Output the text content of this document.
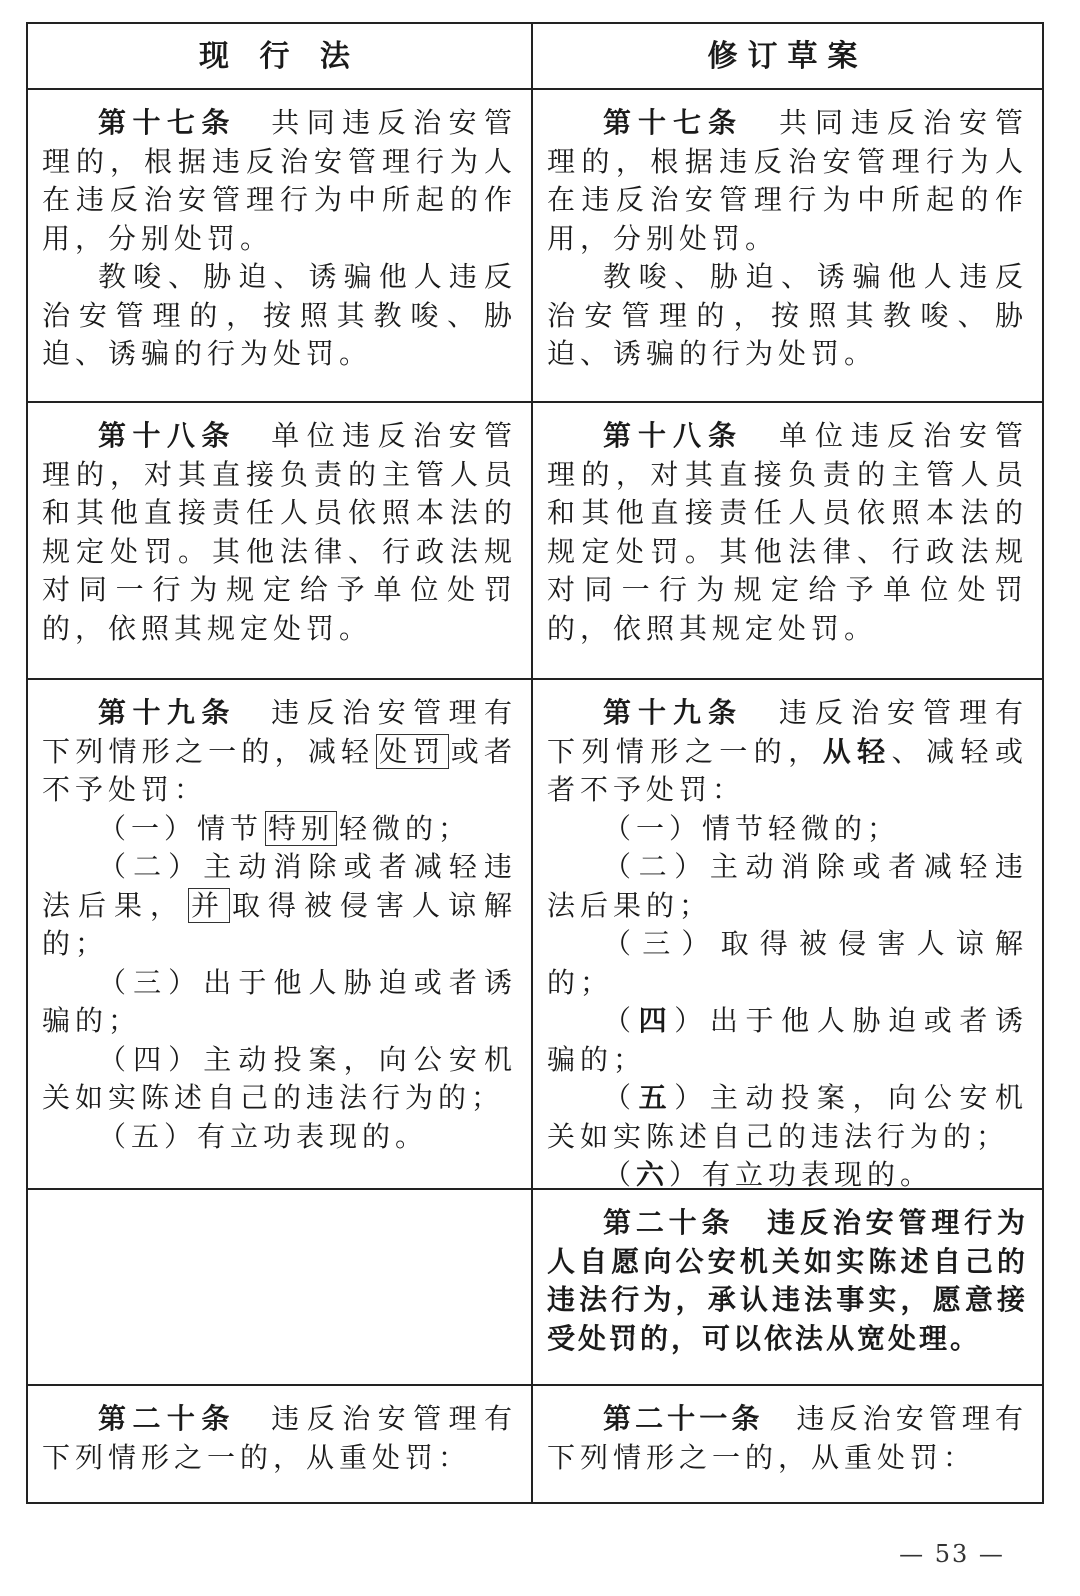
现 行 法	修订草案

第十七条　 共同违反治安管理的，根据违反治安管理行为人在违反治安管理行为中所起的作用，分别处罚。

教唆、胁迫、诱骗他人违反治安管理的，按照其教唆、胁迫、诱骗的行为处罚。

第十七条　 共同违反治安管理的，根据违反治安管理行为人在违反治安管理行为中所起的作用，分别处罚。

教唆、胁迫、诱骗他人违反治安管理的，按照其教唆、胁迫、诱骗的行为处罚。

第十八条　 单位违反治安管理的，对其直接负责的主管人员和其他直接责任人员依照本法的规定处罚。其他法律、行政法规对同一行为规定给予单位处罚的，依照其规定处罚。

第十八条　 单位违反治安管理的，对其直接负责的主管人员和其他直接责任人员依照本法的规定处罚。其他法律、行政法规对同一行为规定给予单位处罚的，依照其规定处罚。

第十九条　 违反治安管理有下列情形之一的，减轻 处罚 或者不予处罚：

（一）情节 特别 轻微的；

（二）主动消除或者减轻违法后果， 并 取得被侵害人谅解的；

（三）出于他人胁迫或者诱骗的；

（四）主动投案，向公安机关如实陈述自己的违法行为的；

（五）有立功表现的。

第十九条　 违反治安管理有下列情形之一的，从轻、减轻或者不予处罚：

（一）情节轻微的；

（二）主动消除或者减轻违法后果的；

（三）取得被侵害人谅解的；

（四）出于他人胁迫或者诱骗的；

（五）主动投案，向公安机关如实陈述自己的违法行为的；

（六）有立功表现的。

第二十条　 违反治安管理行为人自愿向公安机关如实陈述自己的违法行为，承认违法事实，愿意接受处罚的，可以依法从宽处理。

第二十条　 违反治安管理有下列情形之一的，从重处罚：

第二十一条　 违反治安管理有下列情形之一的，从重处罚：

— 53 —
